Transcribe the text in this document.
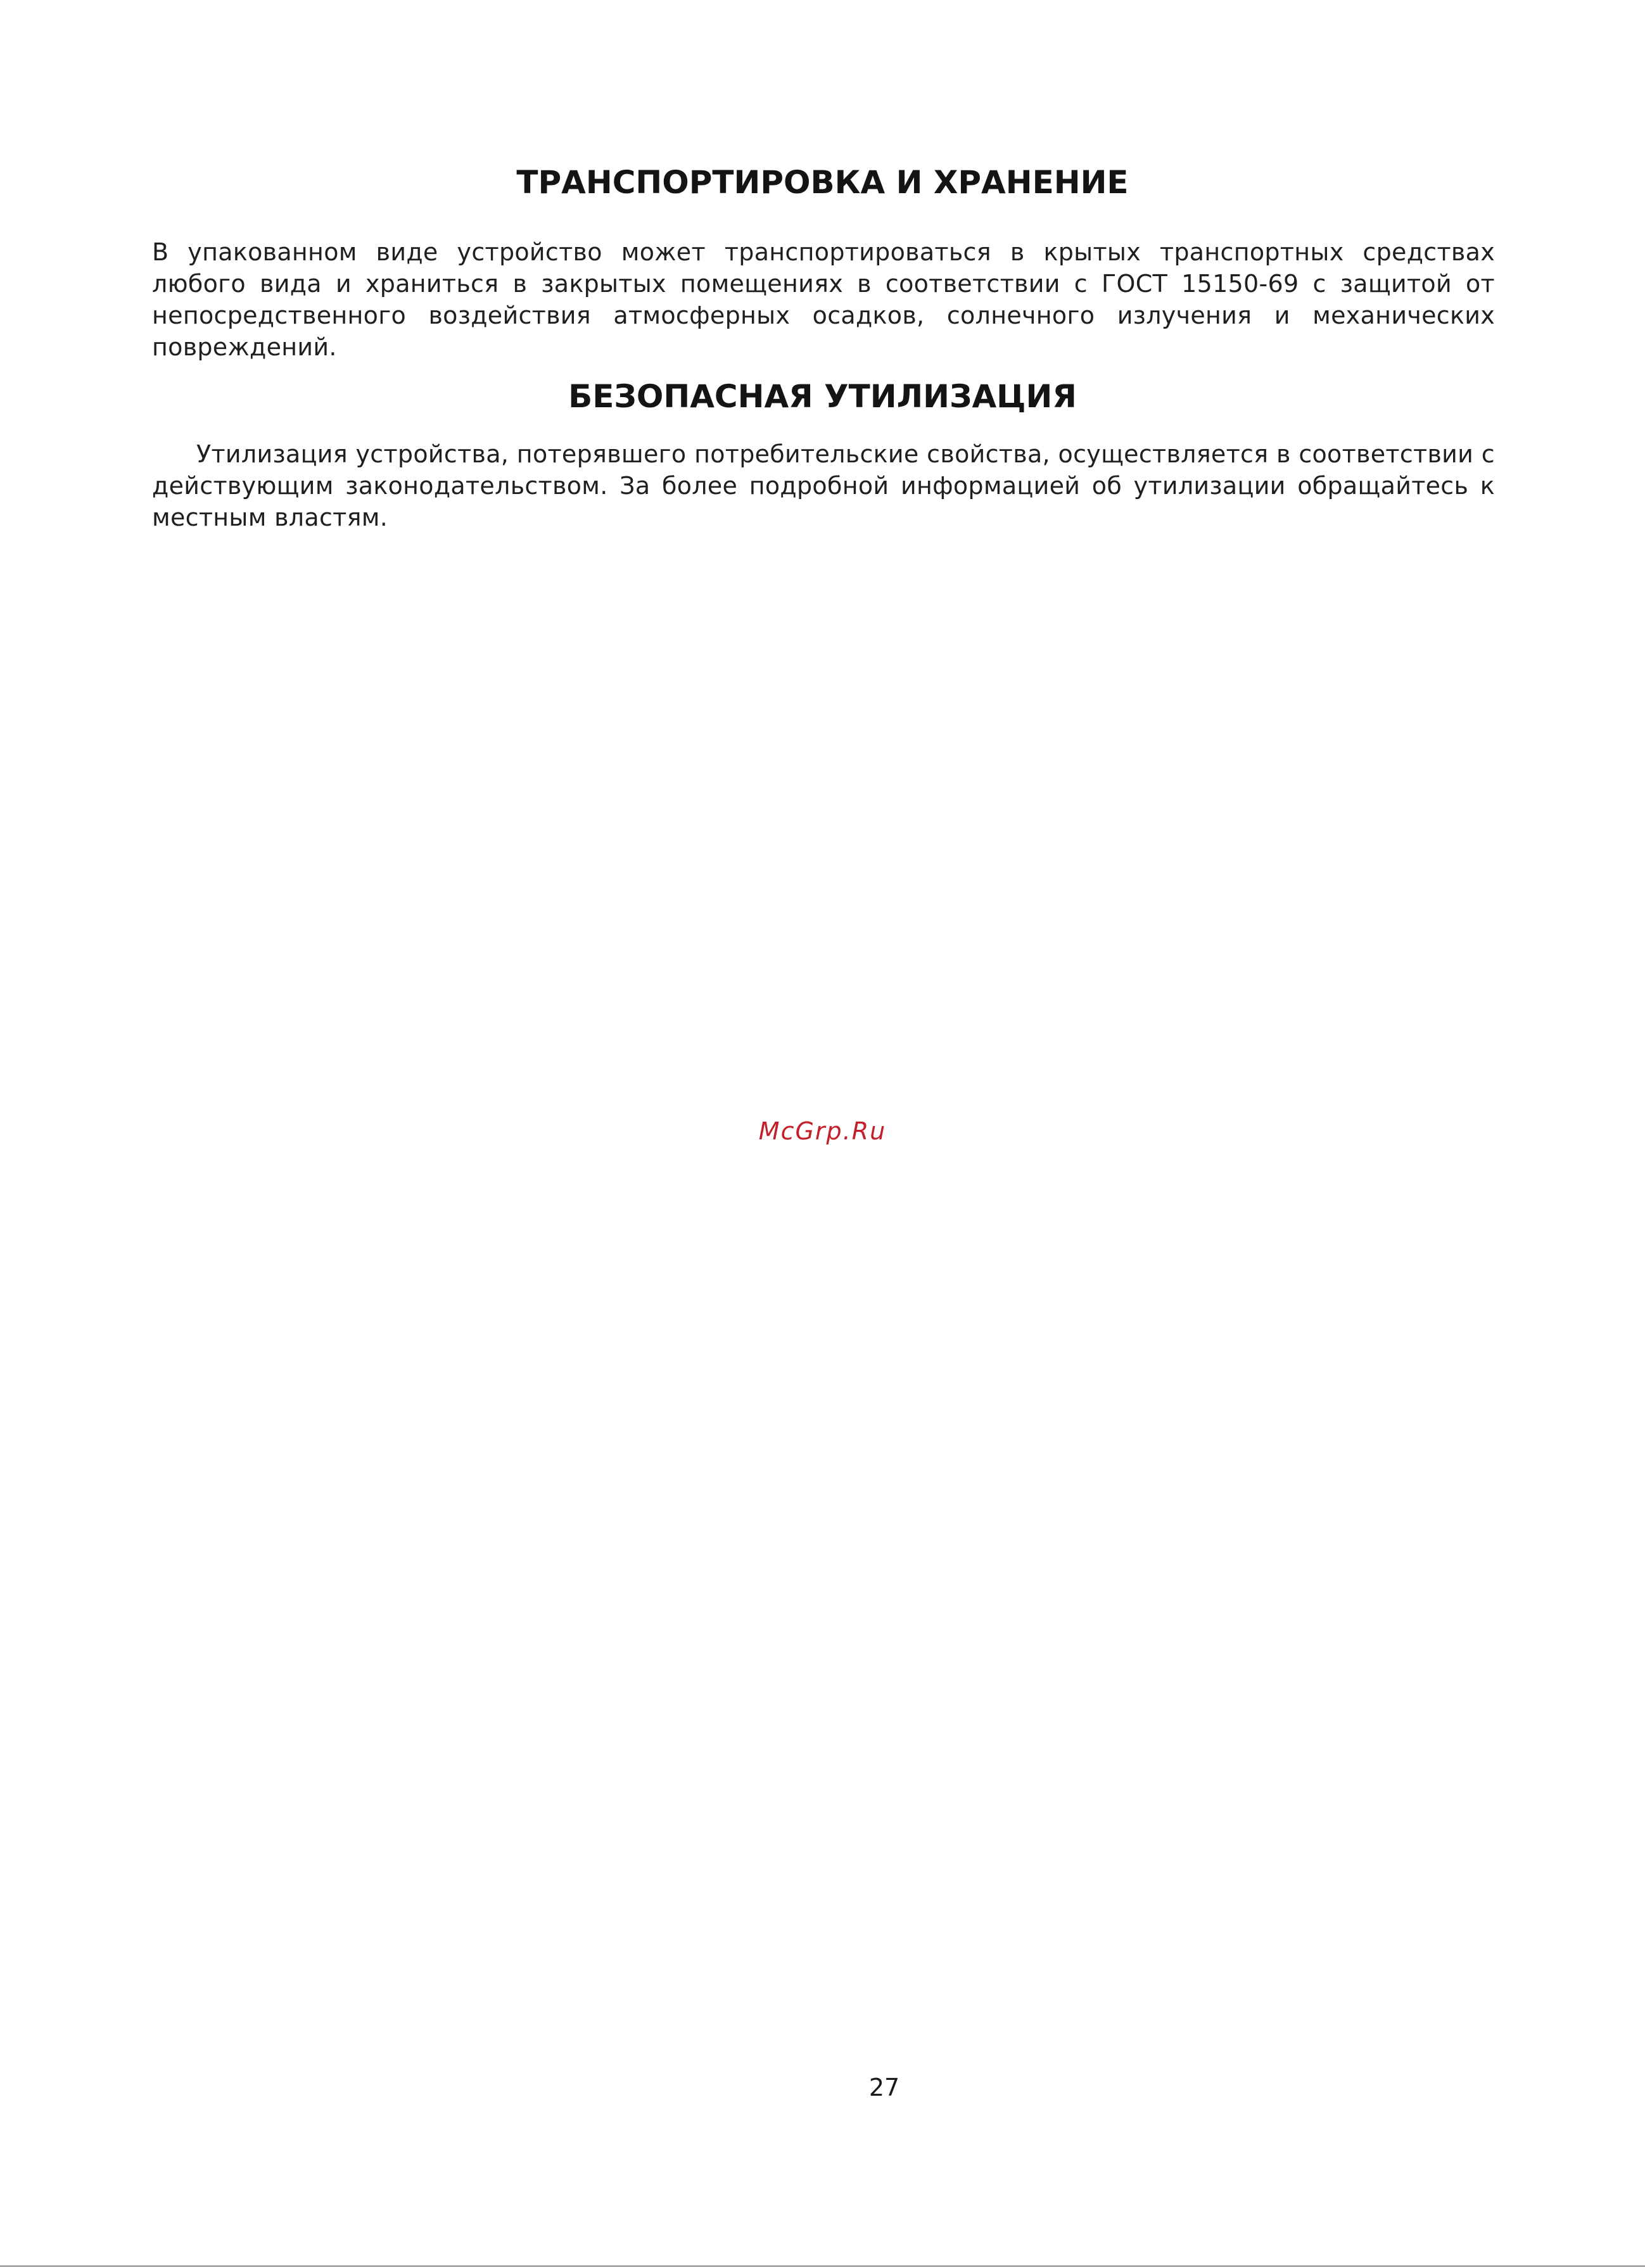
ТРАНСПОРТИРОВКА И ХРАНЕНИЕ

В упакованном виде устройство может транспортироваться в крытых транспортных средствах любого вида и храниться в закрытых помещениях в соответствии с ГОСТ 15150-69 с защитой от непосредственного воздействия атмосферных осадков, солнечного излучения и механических повреждений.

БЕЗОПАСНАЯ УТИЛИЗАЦИЯ

Утилизация устройства, потерявшего потребительские свойства, осуществляется в соответствии с действующим законодательством. За более подробной информацией об утилизации обращайтесь к местным властям.

McGrp.Ru
27
